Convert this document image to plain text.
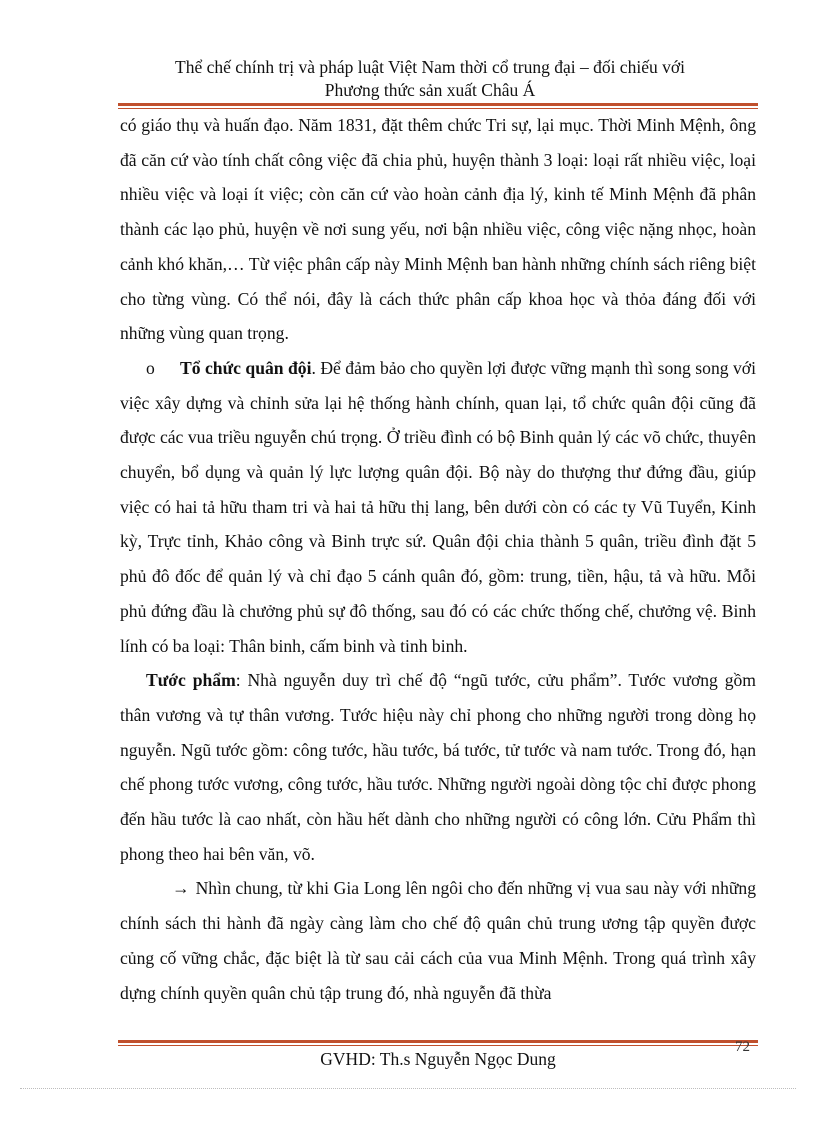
Thể chế chính trị và pháp luật Việt Nam thời cổ trung đại – đối chiếu với
Phương thức sản xuất Châu Á

có giáo thụ và huấn đạo. Năm 1831, đặt thêm chức Tri sự, lại mục. Thời Minh Mệnh, ông đã căn cứ vào tính chất công việc đã chia phủ, huyện thành 3 loại: loại rất nhiều việc, loại nhiều việc và loại ít việc; còn căn cứ vào hoàn cảnh địa lý, kinh tế Minh Mệnh đã phân thành các lạo phủ, huyện về nơi sung yếu, nơi bận nhiều việc, công việc nặng nhọc, hoàn cảnh khó khăn,… Từ việc phân cấp này Minh Mệnh ban hành những chính sách riêng biệt cho từng vùng. Có thể nói, đây là cách thức phân cấp khoa học và thỏa đáng đối với những vùng quan trọng.

o Tổ chức quân đội. Để đảm bảo cho quyền lợi được vững mạnh thì song song với việc xây dựng và chỉnh sửa lại hệ thống hành chính, quan lại, tổ chức quân đội cũng đã được các vua triều nguyễn chú trọng. Ở triều đình có bộ Binh quản lý các võ chức, thuyên chuyển, bổ dụng và quản lý lực lượng quân đội. Bộ này do thượng thư đứng đầu, giúp việc có hai tả hữu tham tri và hai tả hữu thị lang, bên dưới còn có các ty Vũ Tuyển, Kinh kỳ, Trực tỉnh, Khảo công và Binh trực sứ. Quân đội chia thành 5 quân, triều đình đặt 5 phủ đô đốc để quản lý và chỉ đạo 5 cánh quân đó, gồm: trung, tiền, hậu, tả và hữu. Mỗi phủ đứng đầu là chưởng phủ sự đô thống, sau đó có các chức thống chế, chưởng vệ. Binh lính có ba loại: Thân binh, cấm binh và tinh binh.

Tước phẩm: Nhà nguyễn duy trì chế độ “ngũ tước, cửu phẩm”. Tước vương gồm thân vương và tự thân vương. Tước hiệu này chỉ phong cho những người trong dòng họ nguyễn. Ngũ tước gồm: công tước, hầu tước, bá tước, tử tước và nam tước. Trong đó, hạn chế phong tước vương, công tước, hầu tước. Những người ngoài dòng tộc chỉ được phong đến hầu tước là cao nhất, còn hầu hết dành cho những người có công lớn. Cửu Phẩm thì phong theo hai bên văn, võ.

→ Nhìn chung, từ khi Gia Long lên ngôi cho đến những vị vua sau này với những chính sách thi hành đã ngày càng làm cho chế độ quân chủ trung ương tập quyền được củng cố vững chắc, đặc biệt là từ sau cải cách của vua Minh Mệnh. Trong quá trình xây dựng chính quyền quân chủ tập trung đó, nhà nguyễn đã thừa

72
GVHD: Th.s Nguyễn Ngọc Dung
